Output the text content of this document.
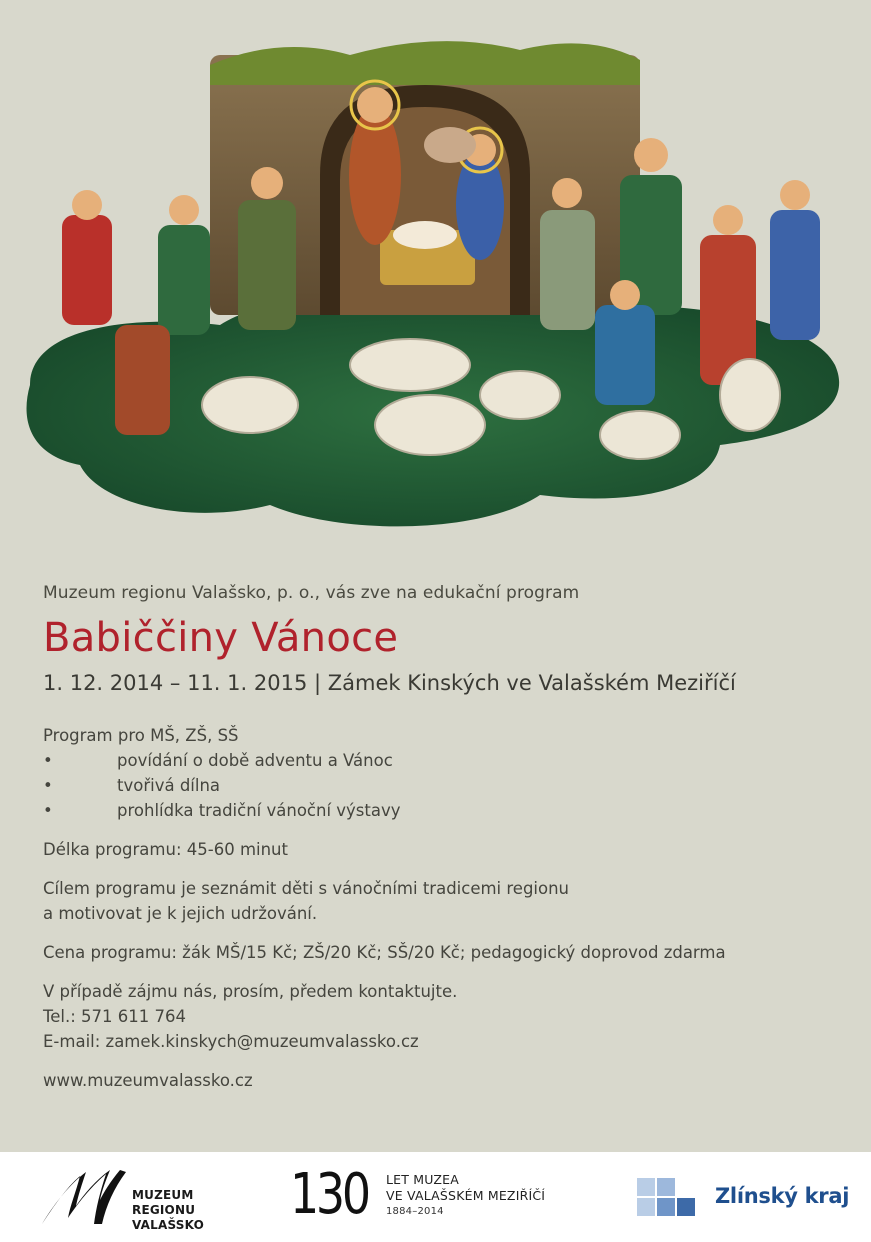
Muzeum regionu Valašsko, p. o., vás zve na edukační program

Babiččiny Vánoce

1. 12. 2014 – 11. 1. 2015 | Zámek Kinských ve Valašském Meziříčí

Program pro MŠ, ZŠ, SŠ

•	povídání o době adventu a Vánoc
•	tvořivá dílna
•	prohlídka tradiční vánoční výstavy

Délka programu: 45-60 minut

Cílem programu je seznámit děti s vánočními tradicemi regionu

a motivovat je k jejich udržování.

Cena programu: žák MŠ/15 Kč; ZŠ/20 Kč; SŠ/20 Kč; pedagogický doprovod zdarma

V případě zájmu nás, prosím, předem kontaktujte.

Tel.: 571 611 764

E-mail: zamek.kinskych@muzeumvalassko.cz

www.muzeumvalassko.cz

MUZEUM
REGIONU
VALAŠSKO 130 LET MUZEA
VE VALAŠSKÉM MEZIŘÍČÍ
1884–2014
Zlínský kraj
